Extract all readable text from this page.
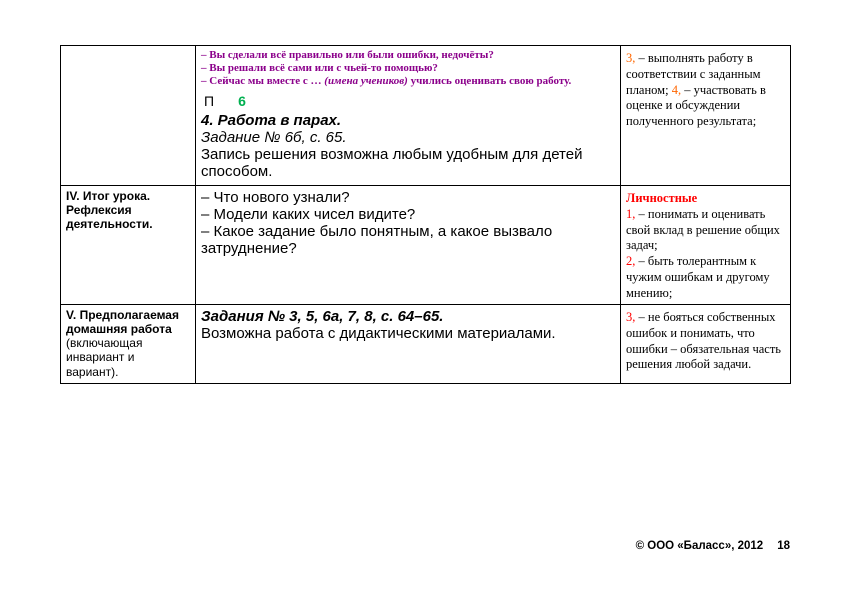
– Вы сделали всё правильно или были ошибки, недочёты?
– Вы решали всё сами или с чьей-то помощью?
– Сейчас мы вместе с … (имена учеников) учились оценивать свою работу.
П 6
4. Работа в парах.
Задание № 6б, с. 65.
Запись решения возможна любым удобным для детей способом.
3, – выполнять работу в соответствии с заданным планом; 4, – участвовать в оценке и обсуждении полученного результата;
IV. Итог урока. Рефлексия деятельности.
– Что нового узнали?
– Модели каких чисел видите?
– Какое задание было понятным, а какое вызвало затруднение?
Личностные
1, – понимать и оценивать свой вклад в решение общих задач;
2, – быть толерантным к чужим ошибкам и другому мнению;
V. Предполагаемая домашняя работа (включающая инвариант и вариант).
Задания № 3, 5, 6а, 7, 8, с. 64–65.
Возможна работа с дидактическими материалами.
3, – не бояться собственных ошибок и понимать, что ошибки – обязательная часть решения любой задачи.
© ООО «Баласс», 2012 18
